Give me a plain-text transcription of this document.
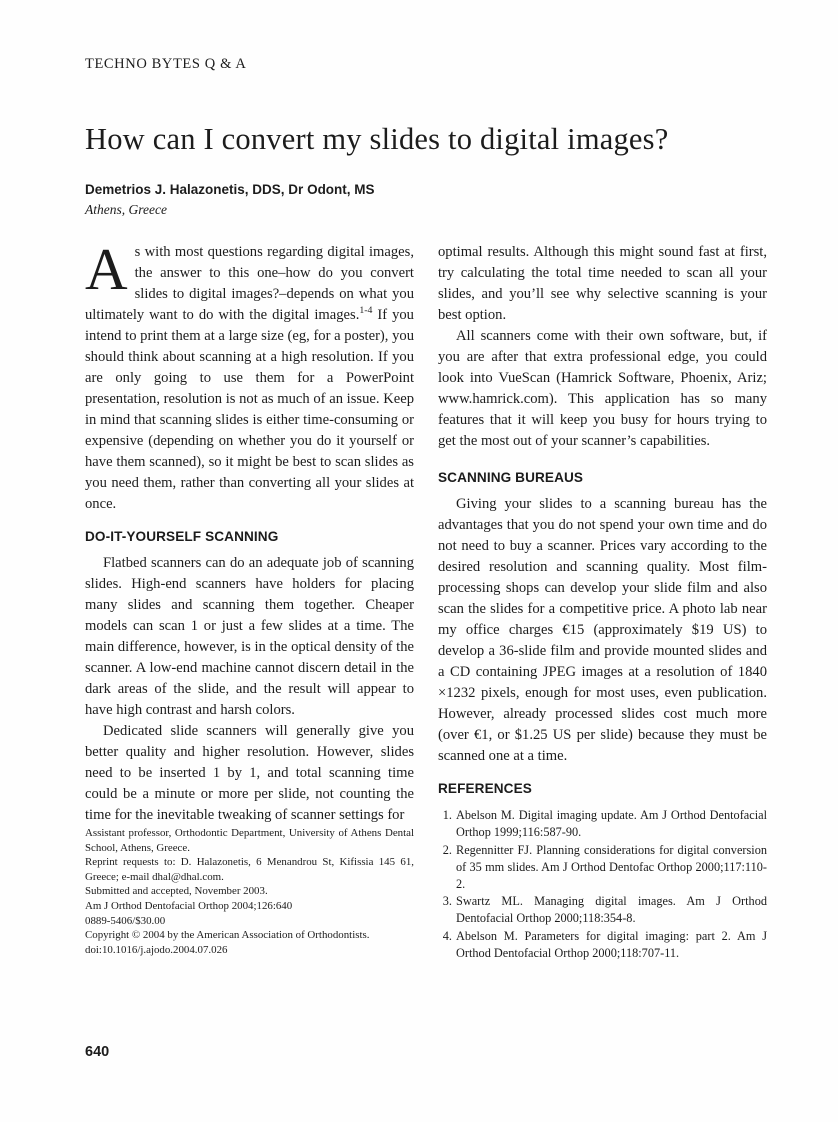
TECHNO BYTES Q & A
How can I convert my slides to digital images?
Demetrios J. Halazonetis, DDS, Dr Odont, MS
Athens, Greece

As with most questions regarding digital images, the answer to this one–how do you convert slides to digital images?–depends on what you ultimately want to do with the digital images.$^{1-4}$ If you intend to print them at a large size (eg, for a poster), you should think about scanning at a high resolution. If you are only going to use them for a PowerPoint presentation, resolution is not as much of an issue. Keep in mind that scanning slides is either time-consuming or expensive (depending on whether you do it yourself or have them scanned), so it might be best to scan slides as you need them, rather than converting all your slides at once.

DO-IT-YOURSELF SCANNING

Flatbed scanners can do an adequate job of scanning slides. High-end scanners have holders for placing many slides and scanning them together. Cheaper models can scan 1 or just a few slides at a time. The main difference, however, is in the optical density of the scanner. A low-end machine cannot discern detail in the dark areas of the slide, and the result will appear to have high contrast and harsh colors.

Dedicated slide scanners will generally give you better quality and higher resolution. However, slides need to be inserted 1 by 1, and total scanning time could be a minute or more per slide, not counting the time for the inevitable tweaking of scanner settings for

Assistant professor, Orthodontic Department, University of Athens Dental School, Athens, Greece.
Reprint requests to: D. Halazonetis, 6 Menandrou St, Kifissia 145 61, Greece; e-mail dhal@dhal.com.
Submitted and accepted, November 2003.
Am J Orthod Dentofacial Orthop 2004;126:640
0889-5406/$30.00
Copyright © 2004 by the American Association of Orthodontists.
doi:10.1016/j.ajodo.2004.07.026

optimal results. Although this might sound fast at first, try calculating the total time needed to scan all your slides, and you’ll see why selective scanning is your best option.

All scanners come with their own software, but, if you are after that extra professional edge, you could look into VueScan (Hamrick Software, Phoenix, Ariz; www.hamrick.com). This application has so many features that it will keep you busy for hours trying to get the most out of your scanner’s capabilities.

SCANNING BUREAUS

Giving your slides to a scanning bureau has the advantages that you do not spend your own time and do not need to buy a scanner. Prices vary according to the desired resolution and scanning quality. Most film-processing shops can develop your slide film and also scan the slides for a competitive price. A photo lab near my office charges €15 (approximately $19 US) to develop a 36-slide film and provide mounted slides and a CD containing JPEG images at a resolution of 1840 ×1232 pixels, enough for most uses, even publication. However, already processed slides cost much more (over €1, or $1.25 US per slide) because they must be scanned one at a time.

REFERENCES
1. Abelson M. Digital imaging update. Am J Orthod Dentofacial Orthop 1999;116:587-90.
2. Regennitter FJ. Planning considerations for digital conversion of 35 mm slides. Am J Orthod Dentofac Orthop 2000;117:110-2.
3. Swartz ML. Managing digital images. Am J Orthod Dentofacial Orthop 2000;118:354-8.
4. Abelson M. Parameters for digital imaging: part 2. Am J Orthod Dentofacial Orthop 2000;118:707-11.
640
